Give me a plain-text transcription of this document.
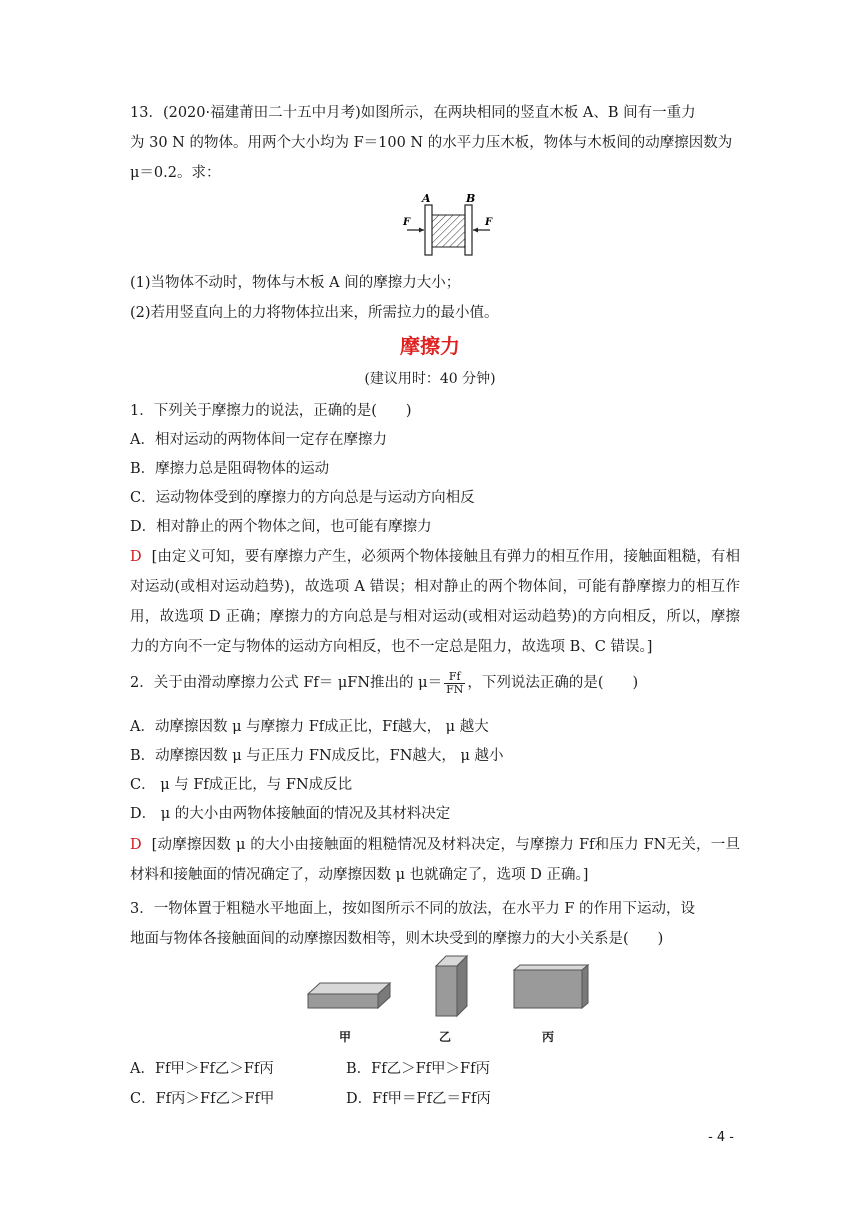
13．(2020·福建莆田二十五中月考)如图所示，在两块相同的竖直木板 A、B 间有一重力
为 30 N 的物体。用两个大小均为 F＝100 N 的水平力压木板，物体与木板间的动摩擦因数为
μ＝0.2。求：
A	B
F	F
(1)当物体不动时，物体与木板 A 间的摩擦力大小；
(2)若用竖直向上的力将物体拉出来，所需拉力的最小值。
摩擦力
(建议用时：40 分钟)
1．下列关于摩擦力的说法，正确的是(　　)
A．相对运动的两物体间一定存在摩擦力
B．摩擦力总是阻碍物体的运动
C．运动物体受到的摩擦力的方向总是与运动方向相反
D．相对静止的两个物体之间，也可能有摩擦力
D [由定义可知，要有摩擦力产生，必须两个物体接触且有弹力的相互作用，接触面粗糙，有相对运动(或相对运动趋势)，故选项 A 错误；相对静止的两个物体间，可能有静摩擦力的相互作用，故选项 D 正确；摩擦力的方向总是与相对运动(或相对运动趋势)的方向相反，所以，摩擦力的方向不一定与物体的运动方向相反，也不一定总是阻力，故选项 B、C 错误。]
2．关于由滑动摩擦力公式 Ff＝ μFN推出的 $\mu= \frac{Ff}{FN}$ ，下列说法正确的是(　　)
A．动摩擦因数 μ 与摩擦力 Ff成正比，Ff越大， μ 越大
B．动摩擦因数 μ 与正压力 FN成反比，FN越大， μ 越小
C． μ 与 Ff成正比，与 FN成反比
D． μ 的大小由两物体接触面的情况及其材料决定
D [动摩擦因数 μ 的大小由接触面的粗糙情况及材料决定，与摩擦力 Ff和压力 FN无关，一旦材料和接触面的情况确定了，动摩擦因数 μ 也就确定了，选项 D 正确。]
3．一物体置于粗糙水平地面上，按如图所示不同的放法，在水平力 F 的作用下运动，设
地面与物体各接触面间的动摩擦因数相等，则木块受到的摩擦力的大小关系是(　　)
甲	乙	丙
A．Ff甲＞Ff乙＞Ff丙	B．Ff乙＞Ff甲＞Ff丙
C．Ff丙＞Ff乙＞Ff甲	D．Ff甲＝Ff乙＝Ff丙
- 4 -
